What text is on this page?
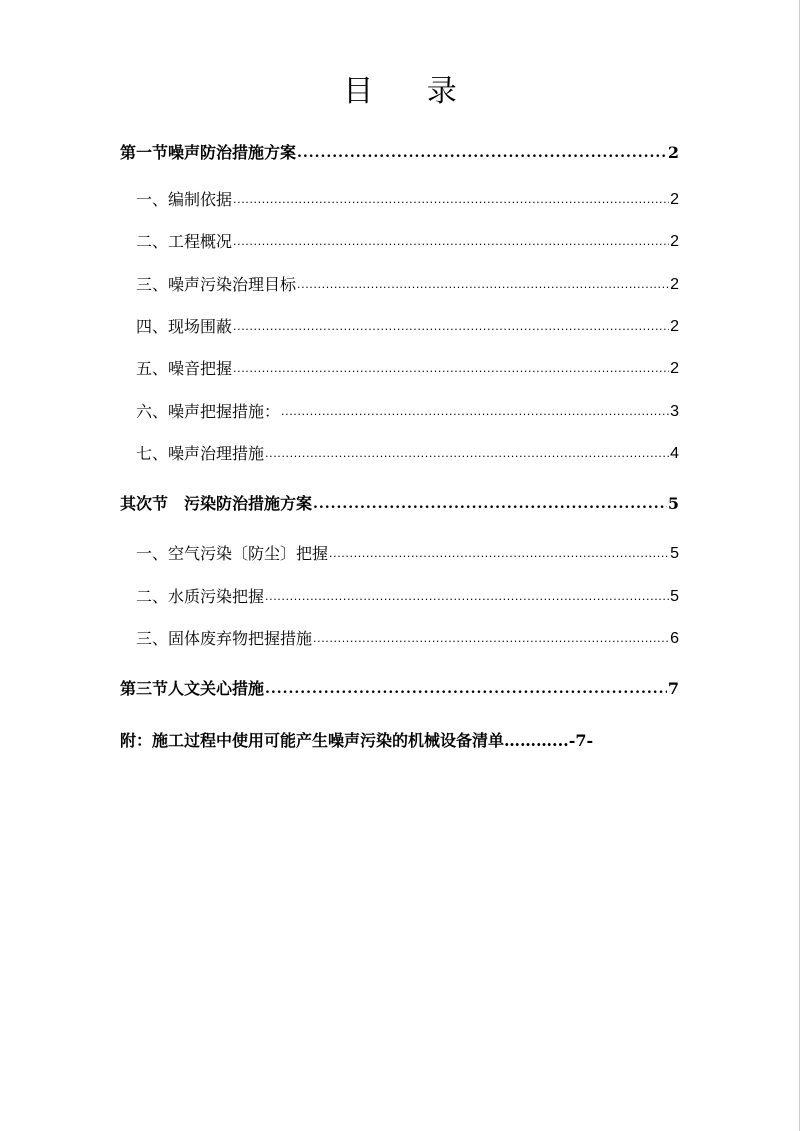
目 录
第一节噪声防治措施方案 .....	2
一、编制依据 .....	2
二、工程概况 .....	2
三、噪声污染治理目标 .....	2
四、现场围蔽 .....	2
五、噪音把握 .....	2
六、噪声把握措施： .....	3
七、噪声治理措施 .....	4
其次节　污染防治措施方案 .....	5
一、空气污染〔防尘〕把握 .....	5
二、水质污染把握 .....	5
三、固体废弃物把握措施 .....	6
第三节人文关心措施 .....	7
附：施工过程中使用可能产生噪声污染的机械设备清单………...-7-
